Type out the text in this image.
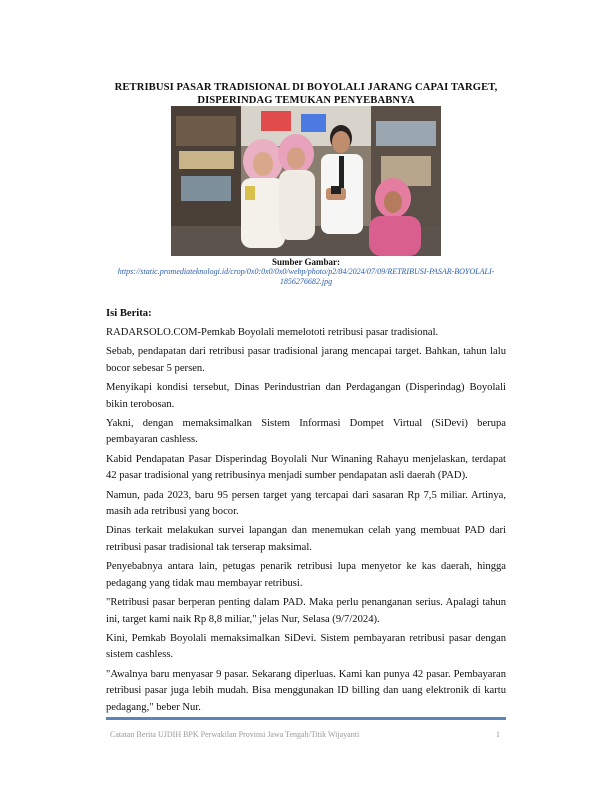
RETRIBUSI PASAR TRADISIONAL DI BOYOLALI JARANG CAPAI TARGET, DISPERINDAG TEMUKAN PENYEBABNYA
Sumber Gambar:
https://static.promediateknologi.id/crop/0x0:0x0/0x0/webp/photo/p2/84/2024/07/09/RETRIBUSI-PASAR-BOYOLALI-1856276682.jpg
Isi Berita:

RADARSOLO.COM-Pemkab Boyolali memelototi retribusi pasar tradisional.

Sebab, pendapatan dari retribusi pasar tradisional jarang mencapai target. Bahkan, tahun lalu bocor sebesar 5 persen.

Menyikapi kondisi tersebut, Dinas Perindustrian dan Perdagangan (Disperindag) Boyolali bikin terobosan.

Yakni, dengan memaksimalkan Sistem Informasi Dompet Virtual (SiDevi) berupa pembayaran cashless.

Kabid Pendapatan Pasar Disperindag Boyolali Nur Winaning Rahayu menjelaskan, terdapat 42 pasar tradisional yang retribusinya menjadi sumber pendapatan asli daerah (PAD).

Namun, pada 2023, baru 95 persen target yang tercapai dari sasaran Rp 7,5 miliar. Artinya, masih ada retribusi yang bocor.

Dinas terkait melakukan survei lapangan dan menemukan celah yang membuat PAD dari retribusi pasar tradisional tak terserap maksimal.

Penyebabnya antara lain, petugas penarik retribusi lupa menyetor ke kas daerah, hingga pedagang yang tidak mau membayar retribusi.

"Retribusi pasar berperan penting dalam PAD. Maka perlu penanganan serius. Apalagi tahun ini, target kami naik Rp 8,8 miliar," jelas Nur, Selasa (9/7/2024).

Kini, Pemkab Boyolali memaksimalkan SiDevi. Sistem pembayaran retribusi pasar dengan sistem cashless.

"Awalnya baru menyasar 9 pasar. Sekarang diperluas. Kami kan punya 42 pasar. Pembayaran retribusi pasar juga lebih mudah. Bisa menggunakan ID billing dan uang elektronik di kartu pedagang," beber Nur.

Catatan Berita UJDIH BPK Perwakilan Provinsi Jawa Tengah/Titik Wijayanti	1
